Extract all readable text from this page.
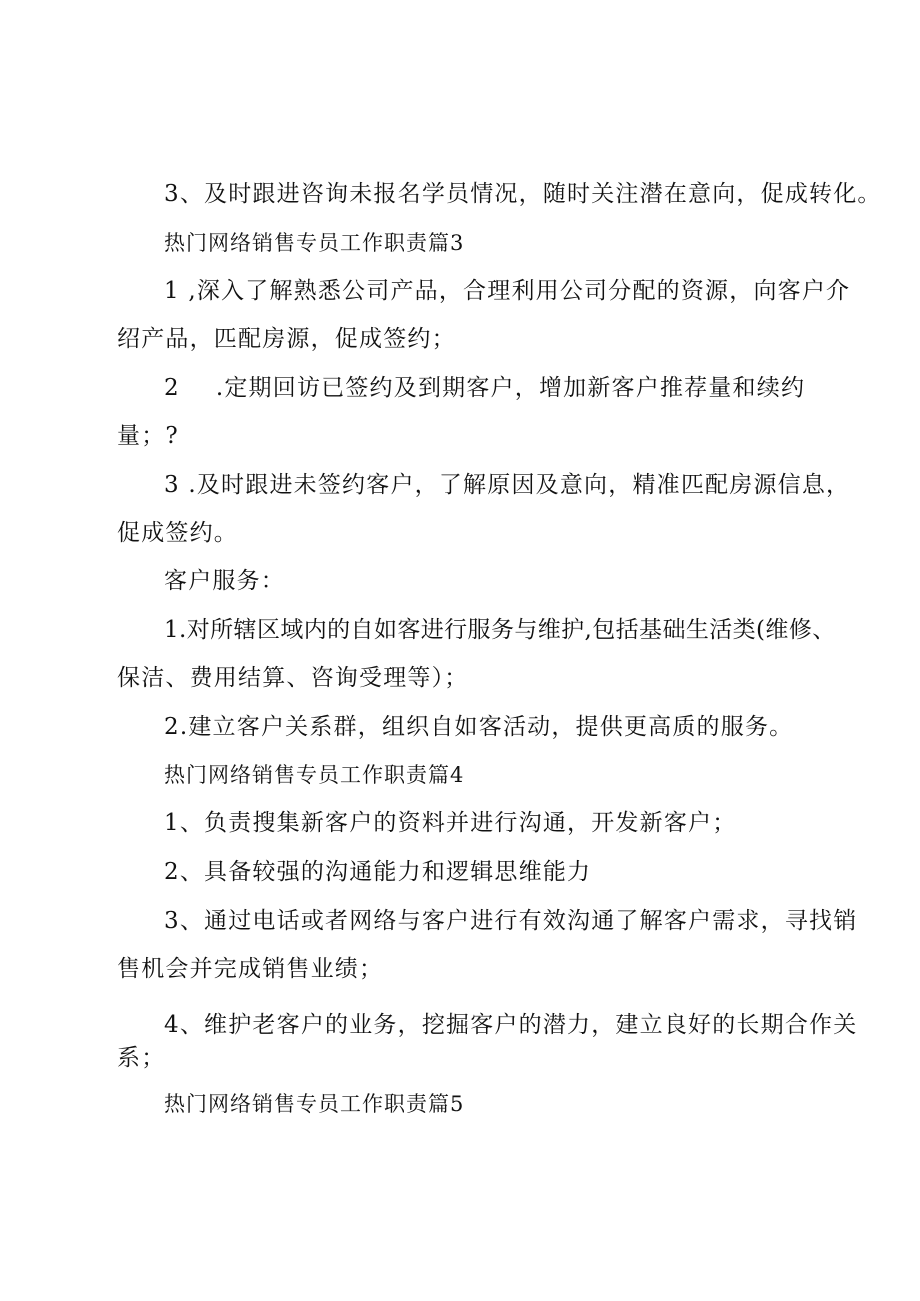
3、及时跟进咨询未报名学员情况，随时关注潜在意向，促成转化。
热门网络销售专员工作职责篇3
1 ,深入了解熟悉公司产品，合理利用公司分配的资源，向客户介
绍产品，匹配房源，促成签约；
2 .定期回访已签约及到期客户，增加新客户推荐量和续约
量；?
3 .及时跟进未签约客户，了解原因及意向，精准匹配房源信息，
促成签约。
客户服务：
1.对所辖区域内的自如客进行服务与维护,包括基础生活类(维修、
保洁、费用结算、咨询受理等）；
2.建立客户关系群，组织自如客活动，提供更高质的服务。
热门网络销售专员工作职责篇4
1、负责搜集新客户的资料并进行沟通，开发新客户；
2、具备较强的沟通能力和逻辑思维能力
3、通过电话或者网络与客户进行有效沟通了解客户需求，寻找销
售机会并完成销售业绩；
4、维护老客户的业务，挖掘客户的潜力，建立良好的长期合作关
系；
热门网络销售专员工作职责篇5
